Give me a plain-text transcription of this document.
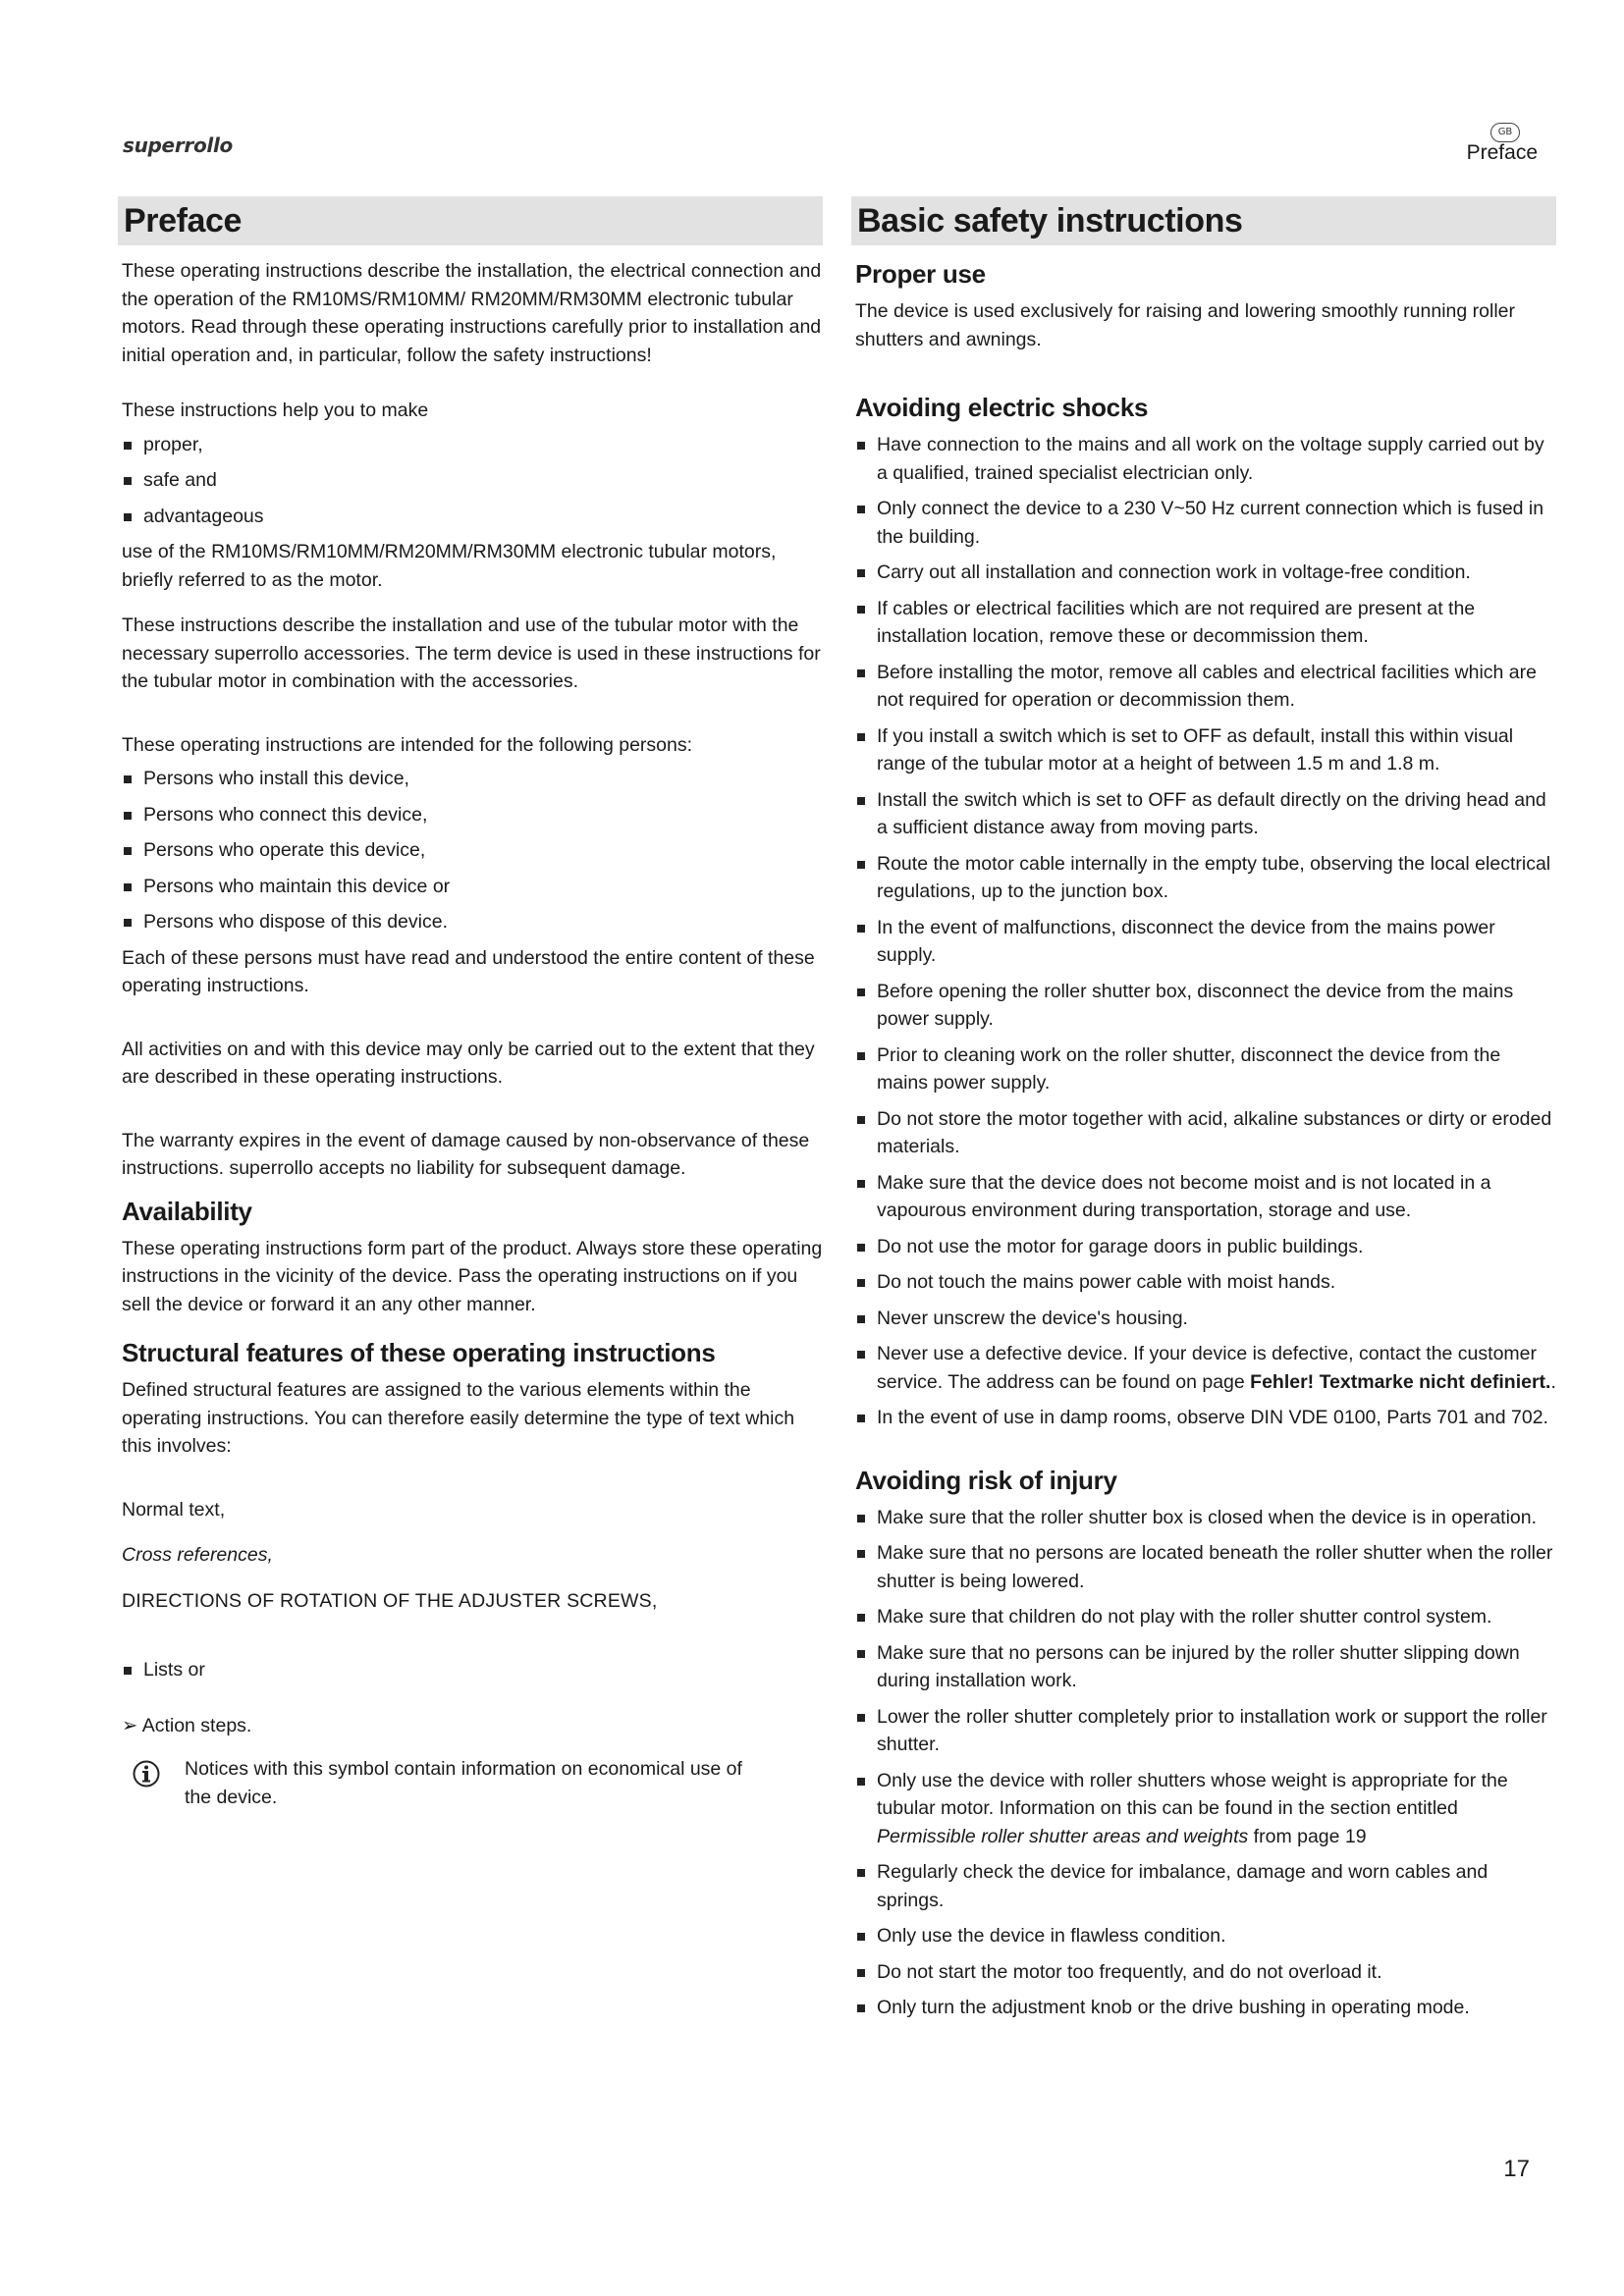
superrollo
GB
Preface
Preface

These operating instructions describe the installation, the electrical connection and the operation of the RM10MS/RM10MM/ RM20MM/RM30MM electronic tubular motors. Read through these operating instructions carefully prior to installation and initial operation and, in particular, follow the safety instructions!

These instructions help you to make

proper,
safe and
advantageous

use of the RM10MS/RM10MM/RM20MM/RM30MM electronic tubular motors, briefly referred to as the motor.

These instructions describe the installation and use of the tubular motor with the necessary superrollo accessories. The term device is used in these instructions for the tubular motor in combination with the accessories.

These operating instructions are intended for the following persons:

Persons who install this device,
Persons who connect this device,
Persons who operate this device,
Persons who maintain this device or
Persons who dispose of this device.

Each of these persons must have read and understood the entire content of these operating instructions.

All activities on and with this device may only be carried out to the extent that they are described in these operating instructions.

The warranty expires in the event of damage caused by non-observance of these instructions. superrollo accepts no liability for subsequent damage.

Availability

These operating instructions form part of the product. Always store these operating instructions in the vicinity of the device. Pass the operating instructions on if you sell the device or forward it an any other manner.

Structural features of these operating instructions

Defined structural features are assigned to the various elements within the operating instructions. You can therefore easily determine the type of text which this involves:

Normal text,

Cross references,

DIRECTIONS OF ROTATION OF THE ADJUSTER SCREWS,

Lists or
➢ Action steps.

Notices with this symbol contain information on economical use of the device.

Basic safety instructions
Proper use

The device is used exclusively for raising and lowering smoothly running roller shutters and awnings.

Avoiding electric shocks
Have connection to the mains and all work on the voltage supply carried out by a qualified, trained specialist electrician only.
Only connect the device to a 230 V~50 Hz current connection which is fused in the building.
Carry out all installation and connection work in voltage-free condition.
If cables or electrical facilities which are not required are present at the installation location, remove these or decommission them.
Before installing the motor, remove all cables and electrical facilities which are not required for operation or decommission them.
If you install a switch which is set to OFF as default, install this within visual range of the tubular motor at a height of between 1.5 m and 1.8 m.
Install the switch which is set to OFF as default directly on the driving head and a sufficient distance away from moving parts.
Route the motor cable internally in the empty tube, observing the local electrical regulations, up to the junction box.
In the event of malfunctions, disconnect the device from the mains power supply.
Before opening the roller shutter box, disconnect the device from the mains power supply.
Prior to cleaning work on the roller shutter, disconnect the device from the mains power supply.
Do not store the motor together with acid, alkaline substances or dirty or eroded materials.
Make sure that the device does not become moist and is not located in a vapourous environment during transportation, storage and use.
Do not use the motor for garage doors in public buildings.
Do not touch the mains power cable with moist hands.
Never unscrew the device's housing.
Never use a defective device. If your device is defective, contact the customer service. The address can be found on page Fehler! Textmarke nicht definiert..
In the event of use in damp rooms, observe DIN VDE 0100, Parts 701 and 702.
Avoiding risk of injury
Make sure that the roller shutter box is closed when the device is in operation.
Make sure that no persons are located beneath the roller shutter when the roller shutter is being lowered.
Make sure that children do not play with the roller shutter control system.
Make sure that no persons can be injured by the roller shutter slipping down during installation work.
Lower the roller shutter completely prior to installation work or support the roller shutter.
Only use the device with roller shutters whose weight is appropriate for the tubular motor. Information on this can be found in the section entitled Permissible roller shutter areas and weights from page 19
Regularly check the device for imbalance, damage and worn cables and springs.
Only use the device in flawless condition.
Do not start the motor too frequently, and do not overload it.
Only turn the adjustment knob or the drive bushing in operating mode.
17
